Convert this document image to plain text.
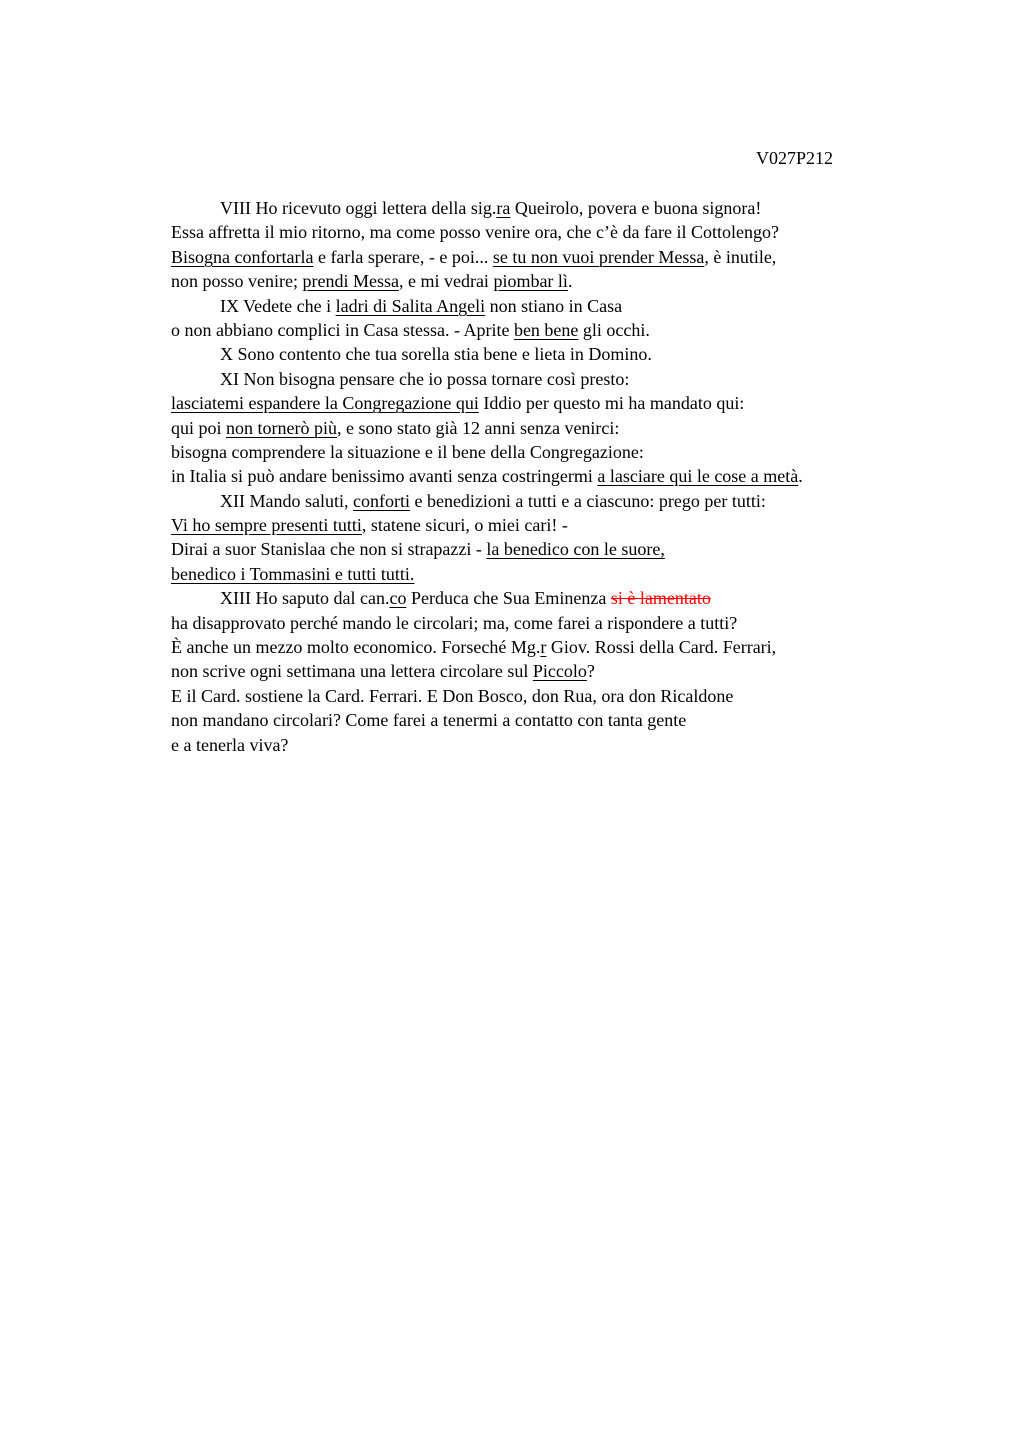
V027P212
VIII Ho ricevuto oggi lettera della sig.ra Queirolo, povera e buona signora!
Essa affretta il mio ritorno, ma come posso venire ora, che c’è da fare il Cottolengo?
Bisogna confortarla e farla sperare, - e poi... se tu non vuoi prender Messa, è inutile,
non posso venire; prendi Messa, e mi vedrai piombar lì.
IX Vedete che i ladri di Salita Angeli non stiano in Casa
o non abbiano complici in Casa stessa. - Aprite ben bene gli occhi.
X Sono contento che tua sorella stia bene e lieta in Domino.
XI Non bisogna pensare che io possa tornare così presto:
lasciatemi espandere la Congregazione qui Iddio per questo mi ha mandato qui:
qui poi non tornerò più, e sono stato già 12 anni senza venirci:
bisogna comprendere la situazione e il bene della Congregazione:
in Italia si può andare benissimo avanti senza costringermi a lasciare qui le cose a metà.
XII Mando saluti, conforti e benedizioni a tutti e a ciascuno: prego per tutti:
Vi ho sempre presenti tutti, statene sicuri, o miei cari! -
Dirai a suor Stanislaa che non si strapazzi - la benedico con le suore,
benedico i Tommasini e tutti tutti.
XIII Ho saputo dal can.co Perduca che Sua Eminenza si è lamentato
ha disapprovato perché mando le circolari; ma, come farei a rispondere a tutti?
È anche un mezzo molto economico. Forseché Mg.r Giov. Rossi della Card. Ferrari,
non scrive ogni settimana una lettera circolare sul Piccolo?
E il Card. sostiene la Card. Ferrari. E Don Bosco, don Rua, ora don Ricaldone
non mandano circolari? Come farei a tenermi a contatto con tanta gente
e a tenerla viva?
